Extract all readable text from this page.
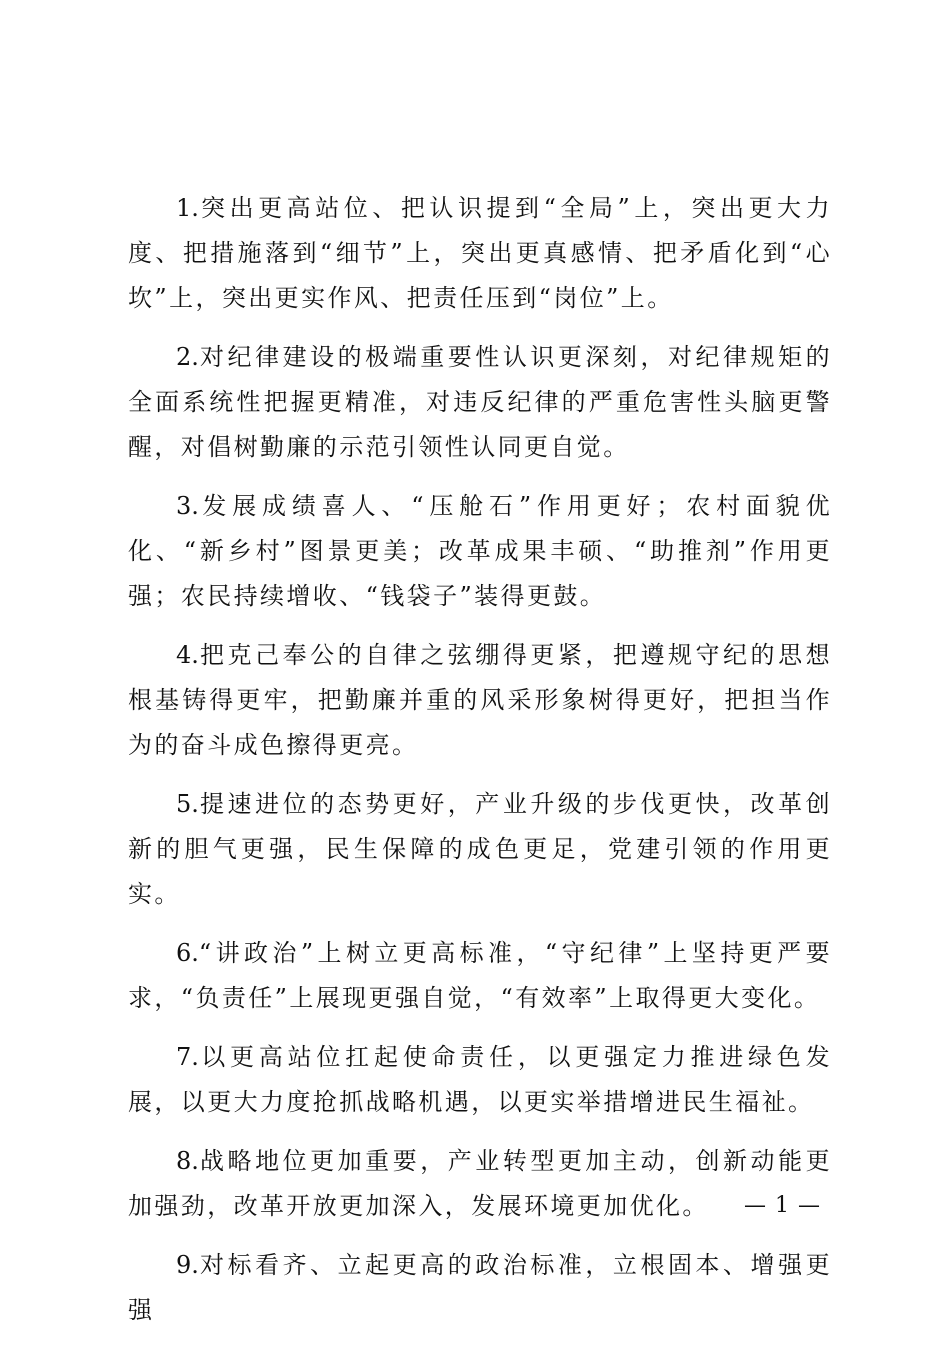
1.突出更高站位、把认识提到“全局”上，突出更大力度、把措施落到“细节”上，突出更真感情、把矛盾化到“心坎”上，突出更实作风、把责任压到“岗位”上。

2.对纪律建设的极端重要性认识更深刻，对纪律规矩的全面系统性把握更精准，对违反纪律的严重危害性头脑更警醒，对倡树勤廉的示范引领性认同更自觉。

3.发展成绩喜人、“压舱石”作用更好；农村面貌优化、“新乡村”图景更美；改革成果丰硕、“助推剂”作用更强；农民持续增收、“钱袋子”装得更鼓。

4.把克己奉公的自律之弦绷得更紧，把遵规守纪的思想根基铸得更牢，把勤廉并重的风采形象树得更好，把担当作为的奋斗成色擦得更亮。

5.提速进位的态势更好，产业升级的步伐更快，改革创新的胆气更强，民生保障的成色更足，党建引领的作用更实。

6.“讲政治”上树立更高标准，“守纪律”上坚持更严要求，“负责任”上展现更强自觉，“有效率”上取得更大变化。

7.以更高站位扛起使命责任，以更强定力推进绿色发展，以更大力度抢抓战略机遇，以更实举措增进民生福祉。

8.战略地位更加重要，产业转型更加主动，创新动能更加强劲，改革开放更加深入，发展环境更加优化。

9.对标看齐、立起更高的政治标准，立根固本、增强更强

— 1 —
